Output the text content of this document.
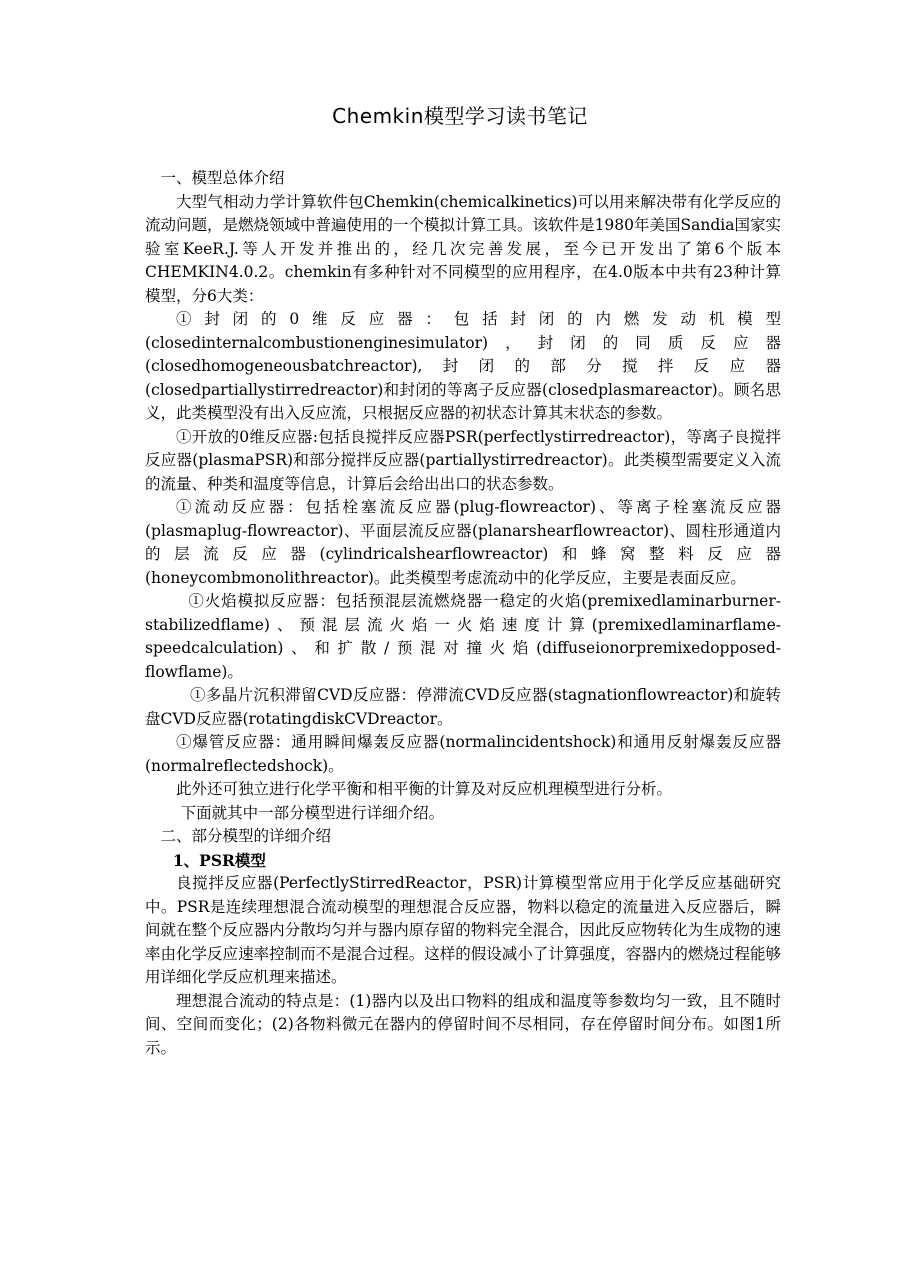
Chemkin模型学习读书笔记

一、模型总体介绍

大型气相动力学计算软件包Chemkin(chemicalkinetics)可以用来解决带有化学反应的流动问题，是燃烧领域中普遍使用的一个模拟计算工具。该软件是1980年美国Sandia国家实验室KeeR.J.等人开发并推出的，经几次完善发展，至今已开发出了第6个版本CHEMKIN4.0.2。chemkin有多种针对不同模型的应用程序，在4.0版本中共有23种计算模型，分6大类：

①封闭的0维反应器：包括封闭的内燃发动机模型(closedinternalcombustionenginesimulator)，封闭的同质反应器(closedhomogeneousbatchreactor),封闭的部分搅拌反应器(closedpartiallystirredreactor)和封闭的等离子反应器(closedplasmareactor)。顾名思义，此类模型没有出入反应流，只根据反应器的初状态计算其末状态的参数。

①开放的0维反应器:包括良搅拌反应器PSR(perfectlystirredreactor)，等离子良搅拌反应器(plasmaPSR)和部分搅拌反应器(partiallystirredreactor)。此类模型需要定义入流的流量、种类和温度等信息，计算后会给出出口的状态参数。

①流动反应器：包括栓塞流反应器(plug-flowreactor)、等离子栓塞流反应器(plasmaplug-flowreactor)、平面层流反应器(planarshearflowreactor)、圆柱形通道内的层流反应器(cylindricalshearflowreactor)和蜂窝整料反应器(honeycombmonolithreactor)。此类模型考虑流动中的化学反应，主要是表面反应。

①火焰模拟反应器：包括预混层流燃烧器一稳定的火焰(premixedlaminarburner-stabilizedflame)、预混层流火焰一火焰速度计算(premixedlaminarflame-speedcalculation)、和扩散/预混对撞火焰(diffuseionorpremixedopposed-flowflame)。

①多晶片沉积滞留CVD反应器：停滞流CVD反应器(stagnationflowreactor)和旋转盘CVD反应器(rotatingdiskCVDreactor。

①爆管反应器：通用瞬间爆轰反应器(normalincidentshock)和通用反射爆轰反应器(normalreflectedshock)。

此外还可独立进行化学平衡和相平衡的计算及对反应机理模型进行分析。

下面就其中一部分模型进行详细介绍。

二、部分模型的详细介绍

1、PSR模型

良搅拌反应器(PerfectlyStirredReactor，PSR)计算模型常应用于化学反应基础研究中。PSR是连续理想混合流动模型的理想混合反应器，物料以稳定的流量进入反应器后，瞬间就在整个反应器内分散均匀并与器内原存留的物料完全混合，因此反应物转化为生成物的速率由化学反应速率控制而不是混合过程。这样的假设减小了计算强度，容器内的燃烧过程能够用详细化学反应机理来描述。

理想混合流动的特点是：(1)器内以及出口物料的组成和温度等参数均匀一致，且不随时间、空间而变化；(2)各物料微元在器内的停留时间不尽相同，存在停留时间分布。如图1所示。
